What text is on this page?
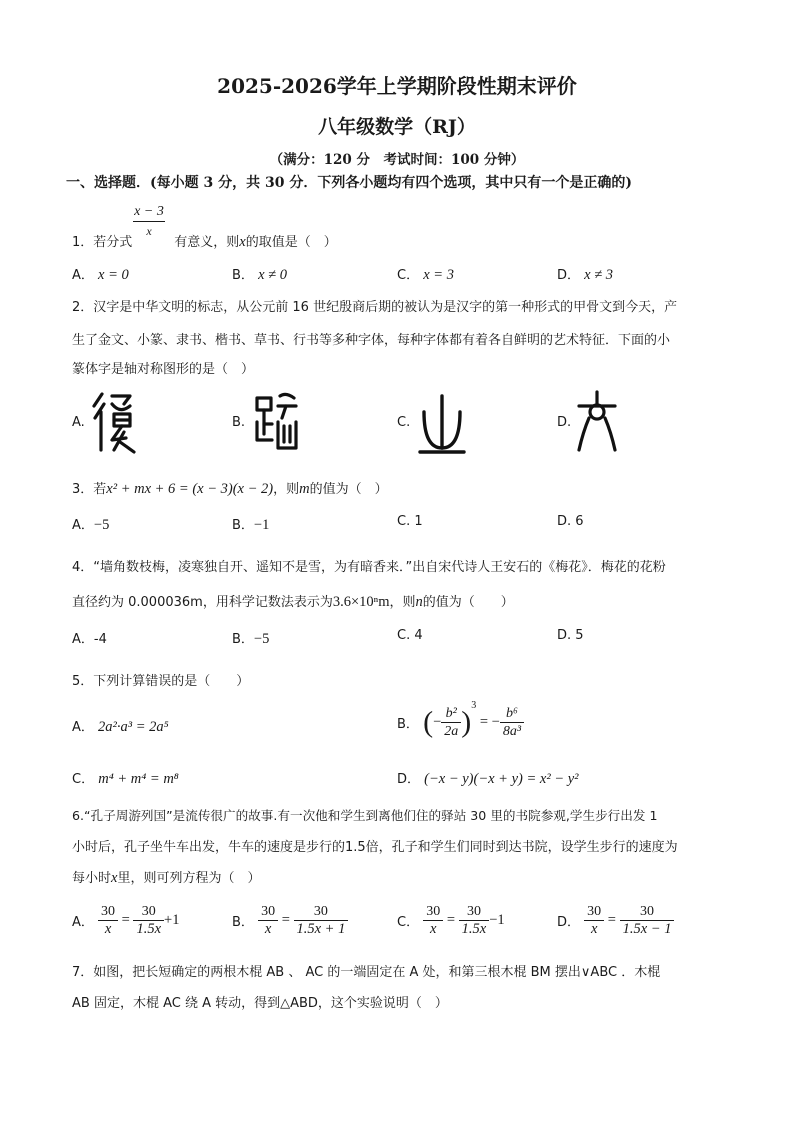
2025-2026学年上学期阶段性期末评价
八年级数学（RJ）
（满分：120 分　考试时间：100 分钟）
一、选择题．(每小题 3 分，共 30 分．下列各小题均有四个选项，其中只有一个是正确的)
$\frac{x - 3}{x}$
1．若分式	有意义，则x的取值是（　）
A． x = 0	B． x ≠ 0	C． x = 3	D． x ≠ 3
2．汉字是中华文明的标志，从公元前 16 世纪殷商后期的被认为是汉字的第一种形式的甲骨文到今天，产
生了金文、小篆、隶书、楷书、草书、行书等多种字体，每种字体都有着各自鲜明的艺术特征．下面的小
篆体字是轴对称图形的是（　）
A.	B.	C.	D.
3．若x² + mx + 6 = (x − 3)(x − 2)，则m的值为（　）
A．−5	B．−1	C. 1	D. 6
4．“墙角数枝梅，凌寒独自开、遥知不是雪，为有暗香来．”出自宋代诗人王安石的《梅花》．梅花的花粉
直径约为 0.000036m，用科学记数法表示为3.6×10ⁿm，则n的值为（　　）
A．-4	B．−5	C. 4	D. 5
5．下列计算错误的是（　　）
A． 2a²·a³ = 2a⁵	B． (− $\frac{\text{b²}}{2a} )^3$ = − $\frac{\text{b⁶}}{\text{8a³}}$
C． m⁴ + m⁴ = m⁸	D． (−x − y)(−x + y) = x² − y²
6.“孔子周游列国”是流传很广的故事.有一次他和学生到离他们住的驿站 30 里的书院参观,学生步行出发 1
小时后，孔子坐牛车出发，牛车的速度是步行的1.5倍，孔子和学生们同时到达书院，设学生步行的速度为
每小时x里，则可列方程为（　）
A． $\frac{30}{x} = \frac{30}{1.5x} +1$	B． $\frac{30}{x} = \frac{30}{1.5x + 1}$	C． $\frac{30}{x} = \frac{30}{1.5x} -1$	D． $\frac{30}{x} = \frac{30}{1.5x - 1}$
7．如图，把长短确定的两根木棍 AB 、 AC 的一端固定在 A 处，和第三根木棍 BM 摆出∨ABC ．木棍
AB 固定，木棍 AC 绕 A 转动，得到△ABD，这个实验说明（　）
